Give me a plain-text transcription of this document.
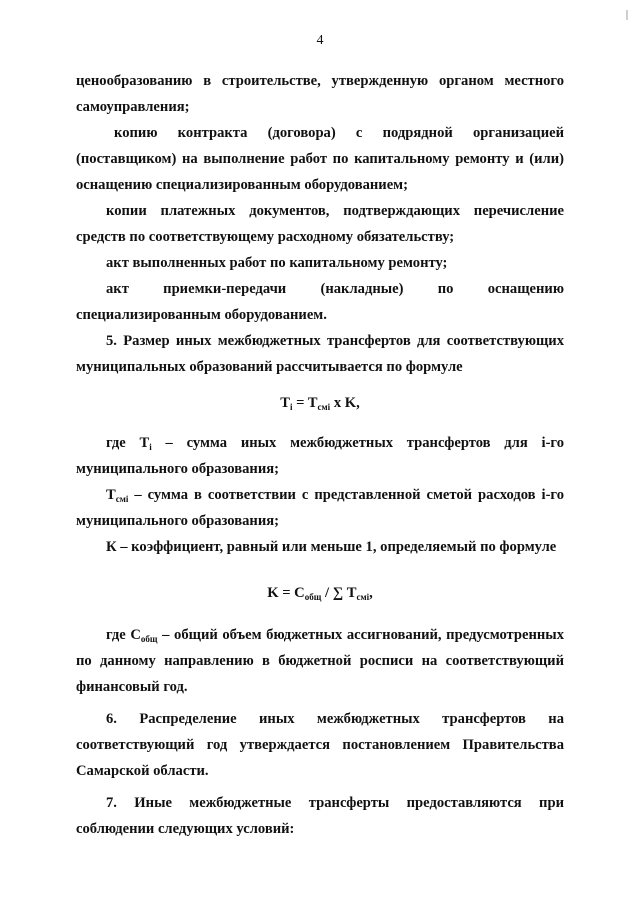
4

ценообразованию в строительстве, утвержденную органом местного самоуправления;

копию контракта (договора) с подрядной организацией (поставщиком) на выполнение работ по капитальному ремонту и (или) оснащению специализированным оборудованием;

копии платежных документов, подтверждающих перечисление средств по соответствующему расходному обязательству;

акт выполненных работ по капитальному ремонту;

акт приемки-передачи (накладные) по оснащению специализированным оборудованием.

5. Размер иных межбюджетных трансфертов для соответствующих муниципальных образований рассчитывается по формуле

$T_i = T_{смi}$ x K,

где $T_i$ – сумма иных межбюджетных трансфертов для i-го муниципального образования;

$T_{смi}$ – сумма в соответствии с представленной сметой расходов i-го муниципального образования;

К – коэффициент, равный или меньше 1, определяемый по формуле

$K = C_{общ}$ / ∑ $T_{смi}$,

где $C_{общ}$ – общий объем бюджетных ассигнований, предусмотренных по данному направлению в бюджетной росписи на соответствующий финансовый год.

6. Распределение иных межбюджетных трансфертов на соответствующий год утверждается постановлением Правительства Самарской области.

7. Иные межбюджетные трансферты предоставляются при соблюдении следующих условий:
